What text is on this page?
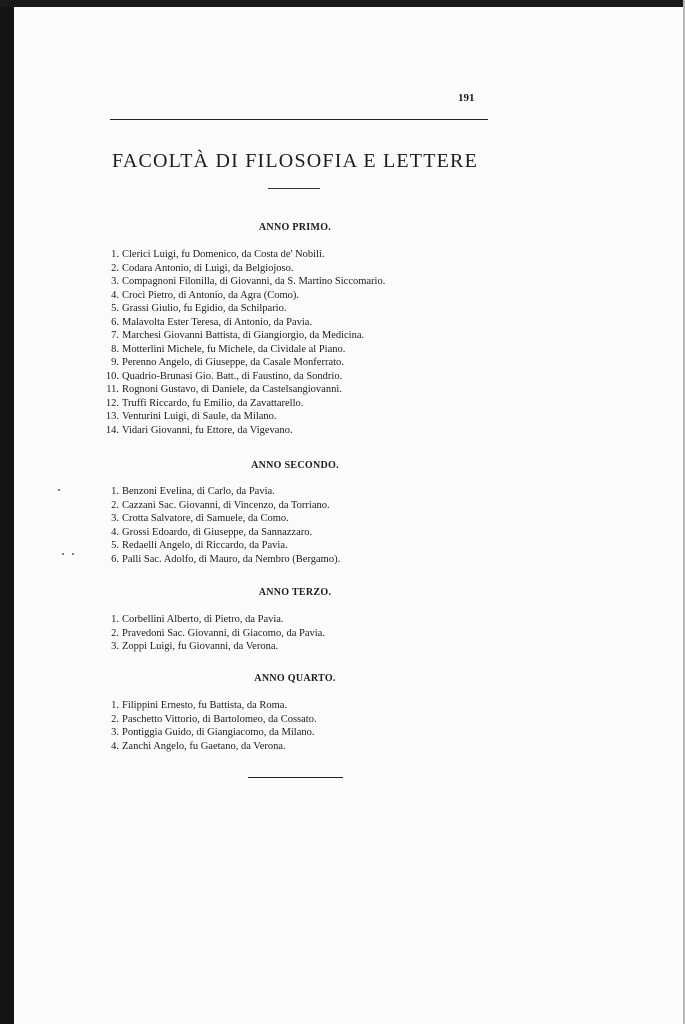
191
FACOLTÀ DI FILOSOFIA E LETTERE
ANNO PRIMO.
1. Clerici Luigi, fu Domenico, da Costa de' Nobili.
2. Codara Antonio, di Luigi, da Belgiojoso.
3. Compagnoni Filonilla, di Giovanni, da S. Martino Siccomario.
4. Croci Pietro, di Antonio, da Agra (Como).
5. Grassi Giulio, fu Egidio, da Schilpario.
6. Malavolta Ester Teresa, di Antonio, da Pavia.
7. Marchesi Giovanni Battista, di Giangiorgio, da Medicina.
8. Motterlini Michele, fu Michele, da Cividale al Piano.
9. Perenno Angelo, di Giuseppe, da Casale Monferrato.
10. Quadrio-Brunasi Gio. Batt., di Faustino, da Sondrio.
11. Rognoni Gustavo, di Daniele, da Castelsangiovanni.
12. Truffi Riccardo, fu Emilio, da Zavattarello.
13. Venturini Luigi, di Saule, da Milano.
14. Vidari Giovanni, fu Ettore, da Vigevano.
ANNO SECONDO.
1. Benzoni Evelina, di Carlo, da Pavia.
2. Cazzani Sac. Giovanni, di Vincenzo, da Torriano.
3. Crotta Salvatore, di Samuele, da Como.
4. Grossi Edoardo, di Giuseppe, da Sannazzaro.
5. Redaelli Angelo, di Riccardo, da Pavia.
6. Palli Sac. Adolfo, di Mauro, da Nembro (Bergamo).
ANNO TERZO.
1. Corbellini Alberto, di Pietro, da Pavia.
2. Pravedoni Sac. Giovanni, di Giacomo, da Pavia.
3. Zoppi Luigi, fu Giovanni, da Verona.
ANNO QUARTO.
1. Filippini Ernesto, fu Battista, da Roma.
2. Paschetto Vittorio, di Bartolomeo, da Cossato.
3. Pontiggia Guido, di Giangiacomo, da Milano.
4. Zanchi Angelo, fu Gaetano, da Verona.
